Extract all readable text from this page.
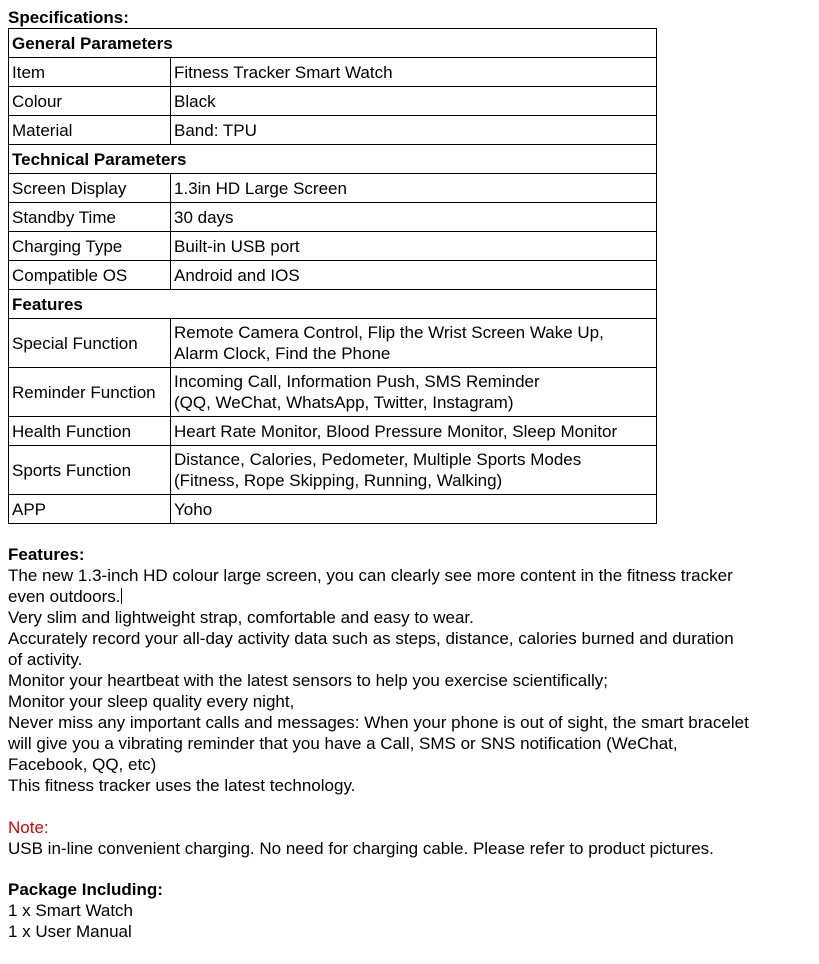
Specifications:
General Parameters	
Item	Fitness Tracker Smart Watch
Colour	Black
Material	Band: TPU
Technical Parameters	
Screen Display	1.3in HD Large Screen
Standby Time	30 days
Charging Type	Built-in USB port
Compatible OS	Android and IOS
Features	
Special Function	Remote Camera Control, Flip the Wrist Screen Wake Up,
Alarm Clock, Find the Phone

Reminder Function	Incoming Call, Information Push, SMS Reminder
(QQ, WeChat, WhatsApp, Twitter, Instagram)

Health Function	Heart Rate Monitor, Blood Pressure Monitor, Sleep Monitor
Sports Function	Distance, Calories, Pedometer, Multiple Sports Modes
(Fitness, Rope Skipping, Running, Walking)

APP	Yoho
Features:
The new 1.3-inch HD colour large screen, you can clearly see more content in the fitness tracker
even outdoors.
Very slim and lightweight strap, comfortable and easy to wear.
Accurately record your all-day activity data such as steps, distance, calories burned and duration
of activity.
Monitor your heartbeat with the latest sensors to help you exercise scientifically;
Monitor your sleep quality every night,
Never miss any important calls and messages: When your phone is out of sight, the smart bracelet
will give you a vibrating reminder that you have a Call, SMS or SNS notification (WeChat,
Facebook, QQ, etc)
This fitness tracker uses the latest technology.
Note:
USB in-line convenient charging. No need for charging cable. Please refer to product pictures.
Package Including:
1 x Smart Watch
1 x User Manual
